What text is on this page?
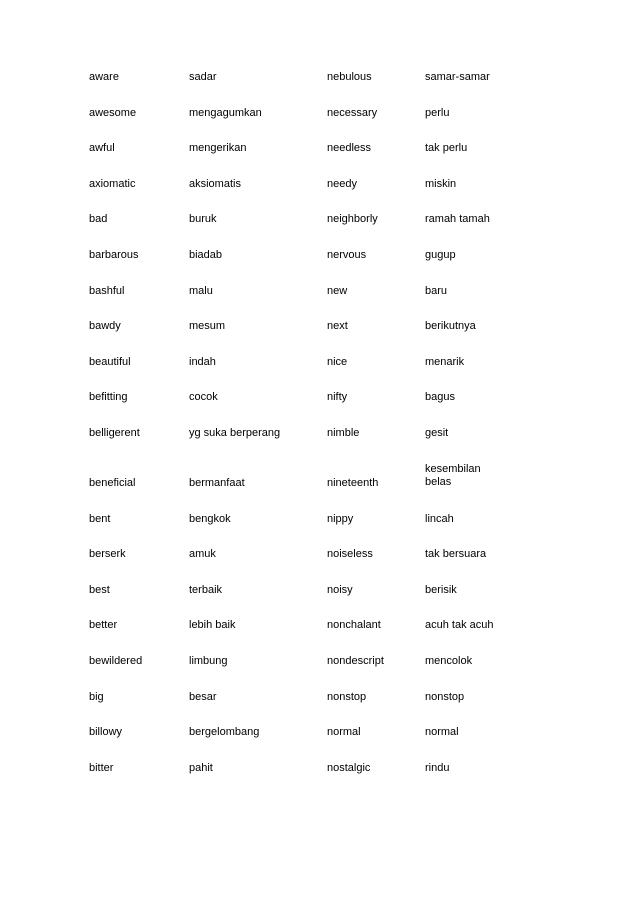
aware	sadar	nebulous	samar-samar
awesome	mengagumkan	necessary	perlu
awful	mengerikan	needless	tak perlu
axiomatic	aksiomatis	needy	miskin
bad	buruk	neighborly	ramah tamah
barbarous	biadab	nervous	gugup
bashful	malu	new	baru
bawdy	mesum	next	berikutnya
beautiful	indah	nice	menarik
befitting	cocok	nifty	bagus
belligerent	yg suka berperang	nimble	gesit
beneficial	bermanfaat	nineteenth	kesembilan belas
bent	bengkok	nippy	lincah
berserk	amuk	noiseless	tak bersuara
best	terbaik	noisy	berisik
better	lebih baik	nonchalant	acuh tak acuh
bewildered	limbung	nondescript	mencolok
big	besar	nonstop	nonstop
billowy	bergelombang	normal	normal
bitter	pahit	nostalgic	rindu
